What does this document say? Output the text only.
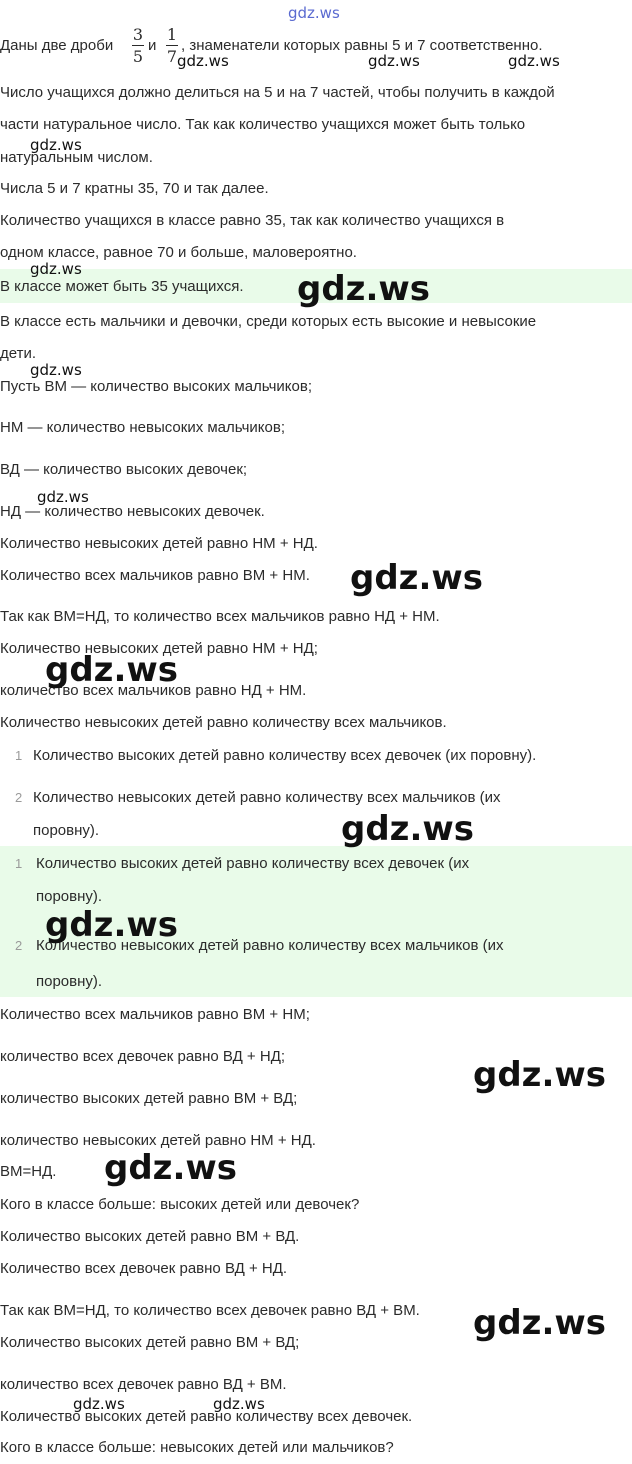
gdz.ws
Даны две дроби
3
5
и
1
7
, знаменатели которых равны 5 и 7 соответственно.
Число учащихся должно делиться на 5 и на 7 частей, чтобы получить в каждой
части натуральное число. Так как количество учащихся может быть только
натуральным числом.
Числа 5 и 7 кратны 35, 70 и так далее.
Количество учащихся в классе равно 35, так как количество учащихся в
одном классе, равное 70 и больше, маловероятно.
В классе может быть 35 учащихся.
В классе есть мальчики и девочки, среди которых есть высокие и невысокие
дети.
Пусть ВМ — количество высоких мальчиков;
НМ — количество невысоких мальчиков;
ВД — количество высоких девочек;
НД — количество невысоких девочек.
Количество невысоких детей равно НМ + НД.
Количество всех мальчиков равно ВМ + НМ.
Так как ВМ=НД, то количество всех мальчиков равно НД + НМ.
Количество невысоких детей равно НМ + НД;
количество всех мальчиков равно НД + НМ.
Количество невысоких детей равно количеству всех мальчиков.
1 Количество высоких детей равно количеству всех девочек (их поровну).
2 Количество невысоких детей равно количеству всех мальчиков (их
поровну).
1 Количество высоких детей равно количеству всех девочек (их
поровну).
2 Количество невысоких детей равно количеству всех мальчиков (их
поровну).
Количество всех мальчиков равно ВМ + НМ;
количество всех девочек равно ВД + НД;
количество высоких детей равно ВМ + ВД;
количество невысоких детей равно НМ + НД.
ВМ=НД.
Кого в классе больше: высоких детей или девочек?
Количество высоких детей равно ВМ + ВД.
Количество всех девочек равно ВД + НД.
Так как ВМ=НД, то количество всех девочек равно ВД + ВМ.
Количество высоких детей равно ВМ + ВД;
количество всех девочек равно ВД + ВМ.
Количество высоких детей равно количеству всех девочек.
Кого в классе больше: невысоких детей или мальчиков?
gdz.ws	gdz.ws	gdz.ws
gdz.ws
gdz.ws
gdz.ws
gdz.ws
gdz.ws	gdz.ws
gdz.ws
gdz.ws
gdz.ws
gdz.ws
gdz.ws
gdz.ws
gdz.ws
gdz.ws
